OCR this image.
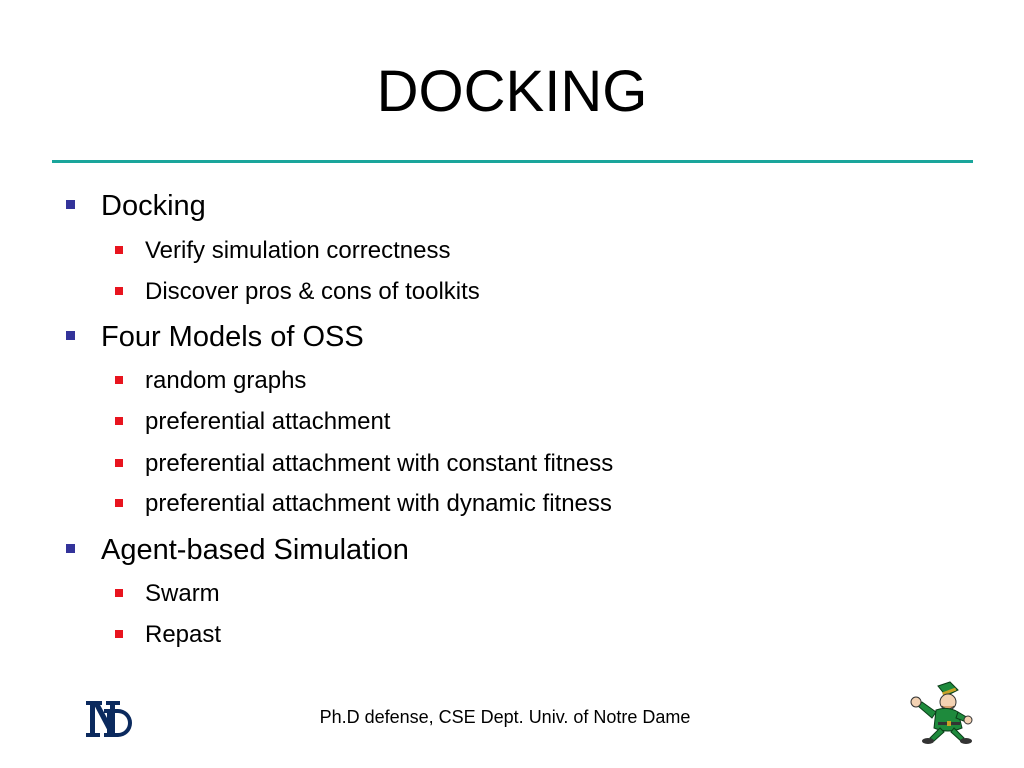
DOCKING
Docking
Verify simulation correctness
Discover pros & cons of toolkits
Four Models of OSS
random graphs
preferential attachment
preferential attachment with constant fitness
preferential attachment with dynamic fitness
Agent-based Simulation
Swarm
Repast
Ph.D defense, CSE Dept. Univ. of Notre Dame
